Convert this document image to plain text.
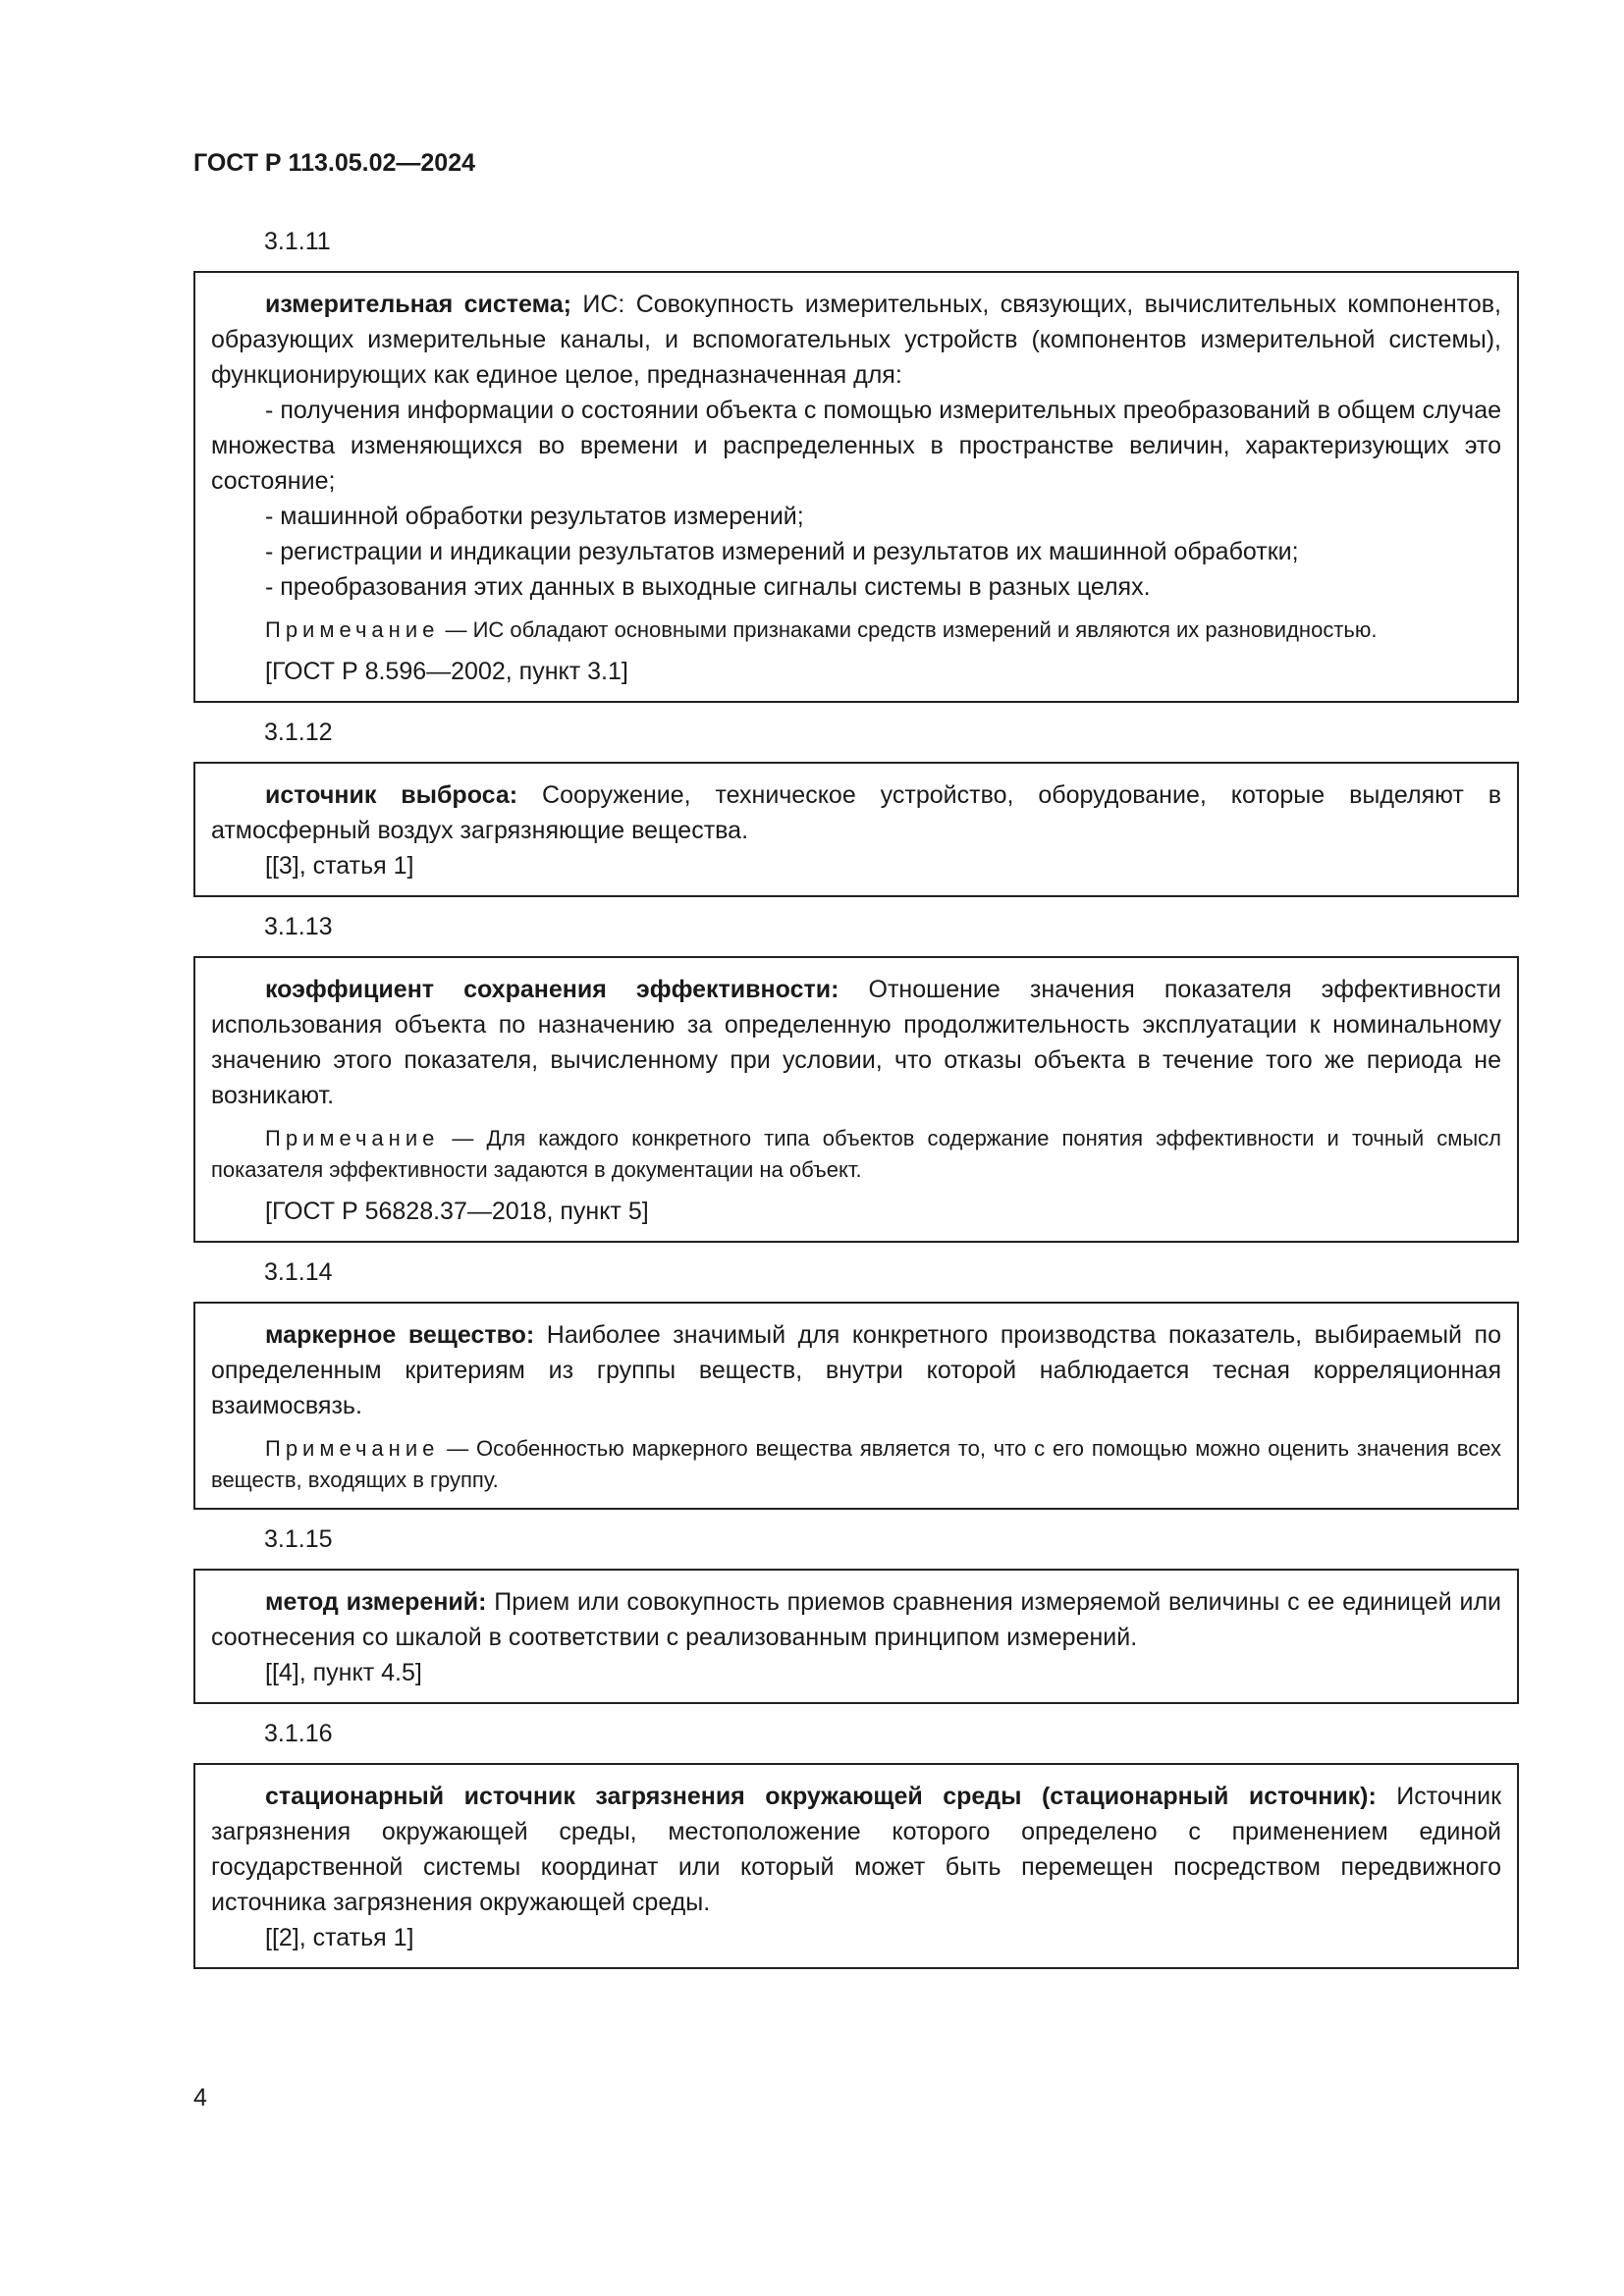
ГОСТ Р 113.05.02—2024

3.1.11

измерительная система; ИС: Совокупность измерительных, связующих, вычислительных компонентов, образующих измерительные каналы, и вспомогательных устройств (компонентов измерительной системы), функционирующих как единое целое, предназначенная для:

- получения информации о состоянии объекта с помощью измерительных преобразований в общем случае множества изменяющихся во времени и распределенных в пространстве величин, характеризующих это состояние;
- машинной обработки результатов измерений;
- регистрации и индикации результатов измерений и результатов их машинной обработки;
- преобразования этих данных в выходные сигналы системы в разных целях.

Примечание — ИС обладают основными признаками средств измерений и являются их разновидностью.

[ГОСТ Р 8.596—2002, пункт 3.1]

3.1.12

источник выброса: Сооружение, техническое устройство, оборудование, которые выделяют в атмосферный воздух загрязняющие вещества.

[[3], статья 1]

3.1.13

коэффициент сохранения эффективности: Отношение значения показателя эффективности использования объекта по назначению за определенную продолжительность эксплуатации к номинальному значению этого показателя, вычисленному при условии, что отказы объекта в течение того же периода не возникают.

Примечание — Для каждого конкретного типа объектов содержание понятия эффективности и точный смысл показателя эффективности задаются в документации на объект.

[ГОСТ Р 56828.37—2018, пункт 5]

3.1.14

маркерное вещество: Наиболее значимый для конкретного производства показатель, выбираемый по определенным критериям из группы веществ, внутри которой наблюдается тесная корреляционная взаимосвязь.

Примечание — Особенностью маркерного вещества является то, что с его помощью можно оценить значения всех веществ, входящих в группу.

3.1.15

метод измерений: Прием или совокупность приемов сравнения измеряемой величины с ее единицей или соотнесения со шкалой в соответствии с реализованным принципом измерений.

[[4], пункт 4.5]

3.1.16

стационарный источник загрязнения окружающей среды (стационарный источник): Источник загрязнения окружающей среды, местоположение которого определено с применением единой государственной системы координат или который может быть перемещен посредством передвижного источника загрязнения окружающей среды.

[[2], статья 1]

4
